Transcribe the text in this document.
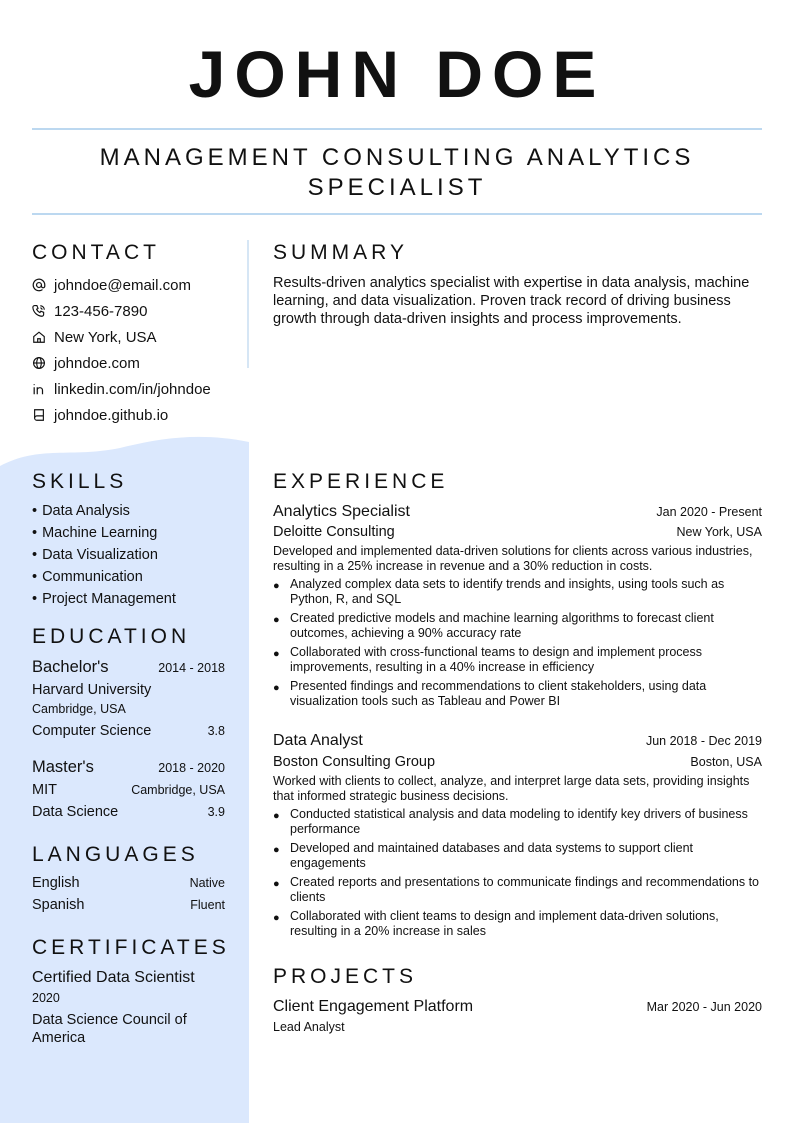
JOHN DOE
MANAGEMENT CONSULTING ANALYTICS
SPECIALIST
CONTACT
johndoe@email.com
123-456-7890
New York, USA
johndoe.com
linkedin.com/in/johndoe
johndoe.github.io
SUMMARY
Results-driven analytics specialist with expertise in data analysis, machine learning, and data visualization. Proven track record of driving business growth through data-driven insights and process improvements.
SKILLS
• Data Analysis
• Machine Learning
• Data Visualization
• Communication
• Project Management
EDUCATION
Bachelor's	2014 - 2018
Harvard University
Cambridge, USA
Computer Science	3.8
Master's	2018 - 2020
MIT	Cambridge, USA
Data Science	3.9
LANGUAGES
English	Native
Spanish	Fluent
CERTIFICATES
Certified Data Scientist
2020
Data Science Council of America
EXPERIENCE
Analytics Specialist	Jan 2020 - Present
Deloitte Consulting	New York, USA
Developed and implemented data-driven solutions for clients across various industries, resulting in a 25% increase in revenue and a 30% reduction in costs.
● Analyzed complex data sets to identify trends and insights, using tools such as Python, R, and SQL
● Created predictive models and machine learning algorithms to forecast client outcomes, achieving a 90% accuracy rate
● Collaborated with cross-functional teams to design and implement process improvements, resulting in a 40% increase in efficiency
● Presented findings and recommendations to client stakeholders, using data visualization tools such as Tableau and Power BI
Data Analyst	Jun 2018 - Dec 2019
Boston Consulting Group	Boston, USA
Worked with clients to collect, analyze, and interpret large data sets, providing insights that informed strategic business decisions.
● Conducted statistical analysis and data modeling to identify key drivers of business performance
● Developed and maintained databases and data systems to support client engagements
● Created reports and presentations to communicate findings and recommendations to clients
● Collaborated with client teams to design and implement data-driven solutions, resulting in a 20% increase in sales
PROJECTS
Client Engagement Platform	Mar 2020 - Jun 2020
Lead Analyst
